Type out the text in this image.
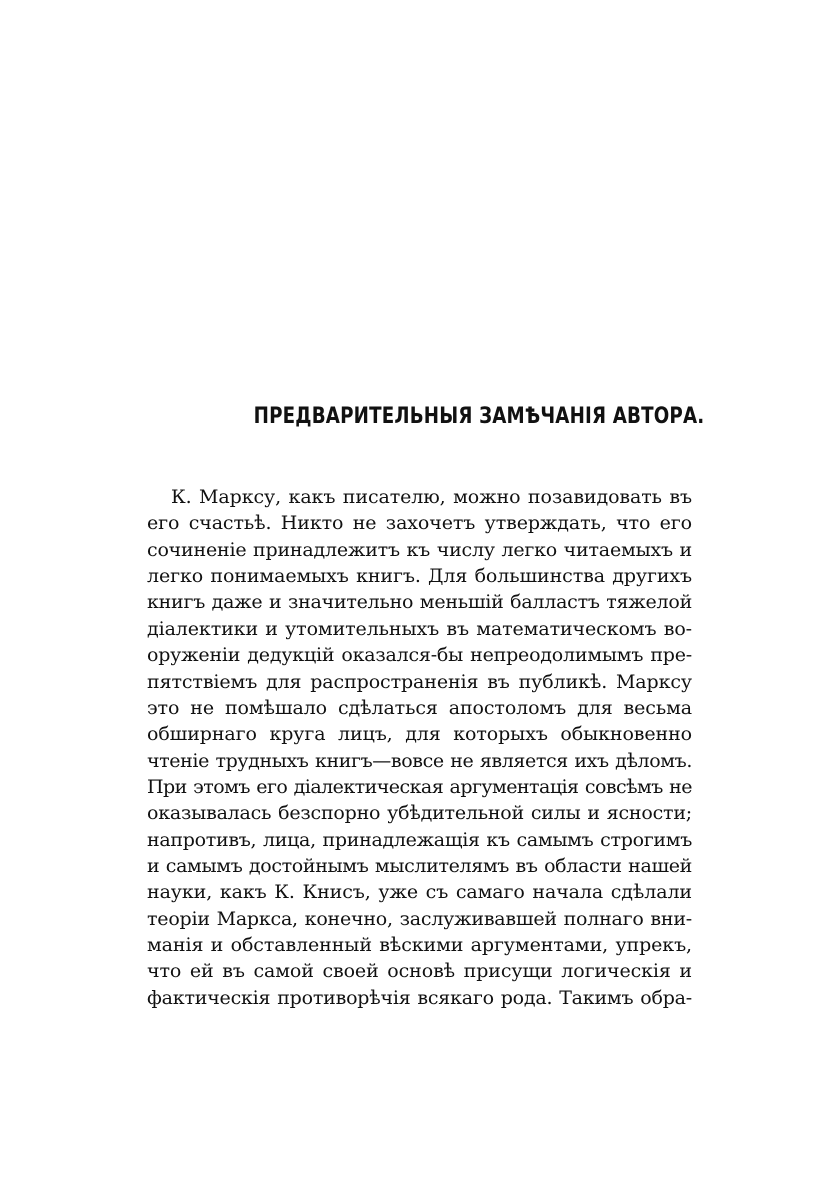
ПРЕДВАРИТЕЛЬНЫЯ ЗАМѢЧАНІЯ АВТОРА.
К. Марксу, какъ писателю, можно позавидовать въ
его счастьѣ. Никто не захочетъ утверждать, что его
сочиненіе принадлежитъ къ числу легко читаемыхъ и
легко понимаемыхъ книгъ. Для большинства другихъ
книгъ даже и значительно меньшій балластъ тяжелой
діалектики и утомительныхъ въ математическомъ во-
оруженіи дедукцій оказался-бы непреодолимымъ пре-
пятствіемъ для распространенія въ публикѣ. Марксу
это не помѣшало сдѣлаться апостоломъ для весьма
обширнаго круга лицъ, для которыхъ обыкновенно
чтеніе трудныхъ книгъ—вовсе не является ихъ дѣломъ.
При этомъ его діалектическая аргументація совсѣмъ не
оказывалась безспорно убѣдительной силы и ясности;
напротивъ, лица, принадлежащія къ самымъ строгимъ
и самымъ достойнымъ мыслителямъ въ области нашей
науки, какъ К. Книсъ, уже съ самаго начала сдѣлали
теоріи Маркса, конечно, заслуживавшей полнаго вни-
манія и обставленный вѣскими аргументами, упрекъ,
что ей въ самой своей основѣ присущи логическія и
фактическія противорѣчія всякаго рода. Такимъ обра-
